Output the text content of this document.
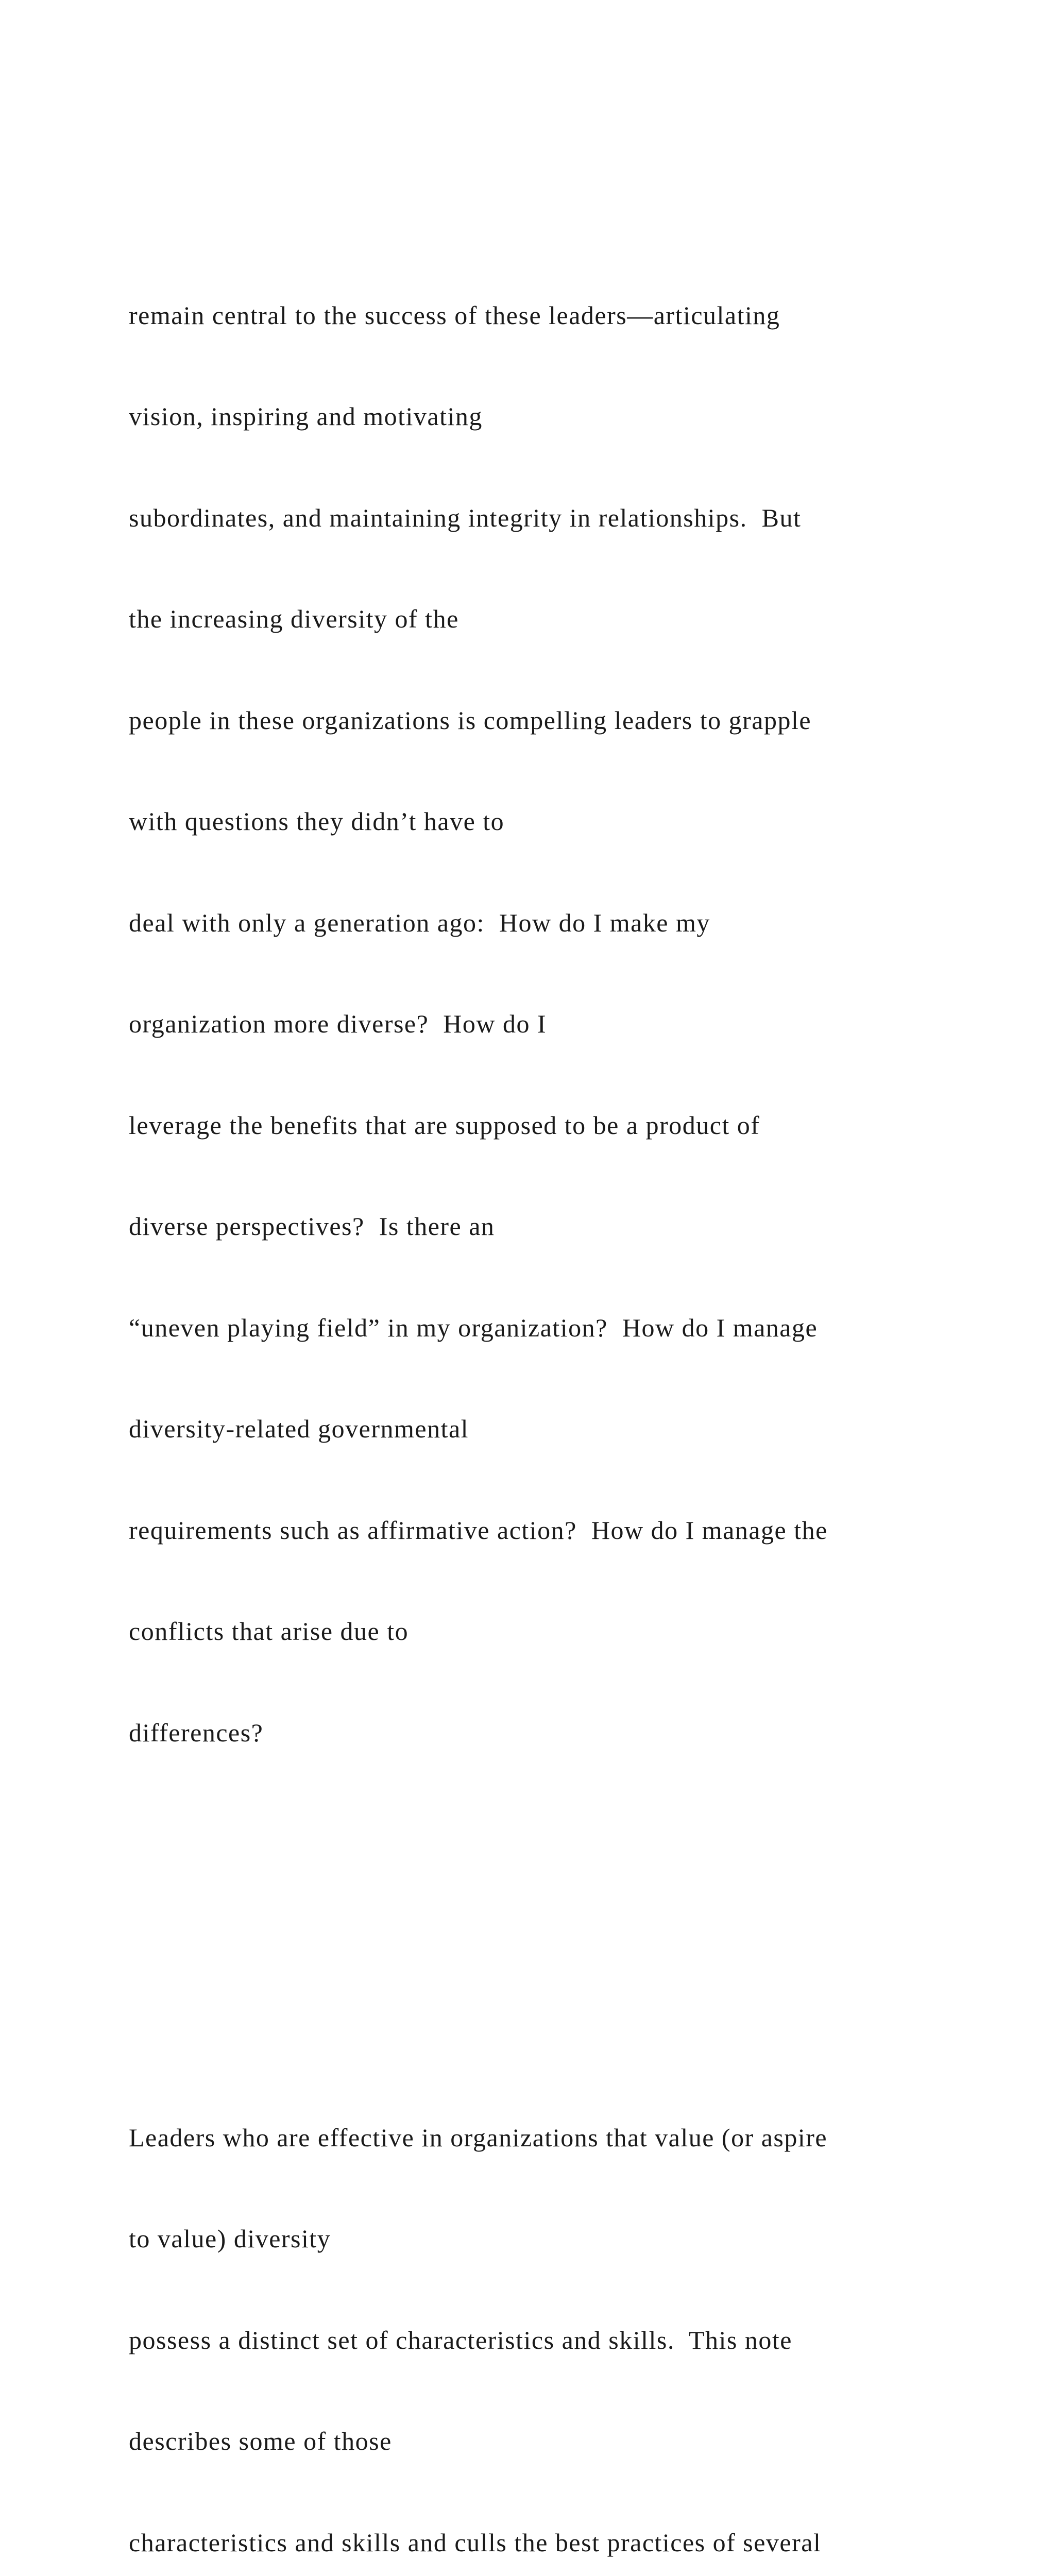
remain central to the success of these leaders—articulating

vision, inspiring and motivating

subordinates, and maintaining integrity in relationships.  But

the increasing diversity of the

people in these organizations is compelling leaders to grapple

with questions they didn’t have to

deal with only a generation ago:  How do I make my

organization more diverse?  How do I

leverage the benefits that are supposed to be a product of

diverse perspectives?  Is there an

“uneven playing field” in my organization?  How do I manage

diversity-related governmental

requirements such as affirmative action?  How do I manage the

conflicts that arise due to

differences?

Leaders who are effective in organizations that value (or aspire

to value) diversity

possess a distinct set of characteristics and skills.  This note

describes some of those

characteristics and skills and culls the best practices of several
